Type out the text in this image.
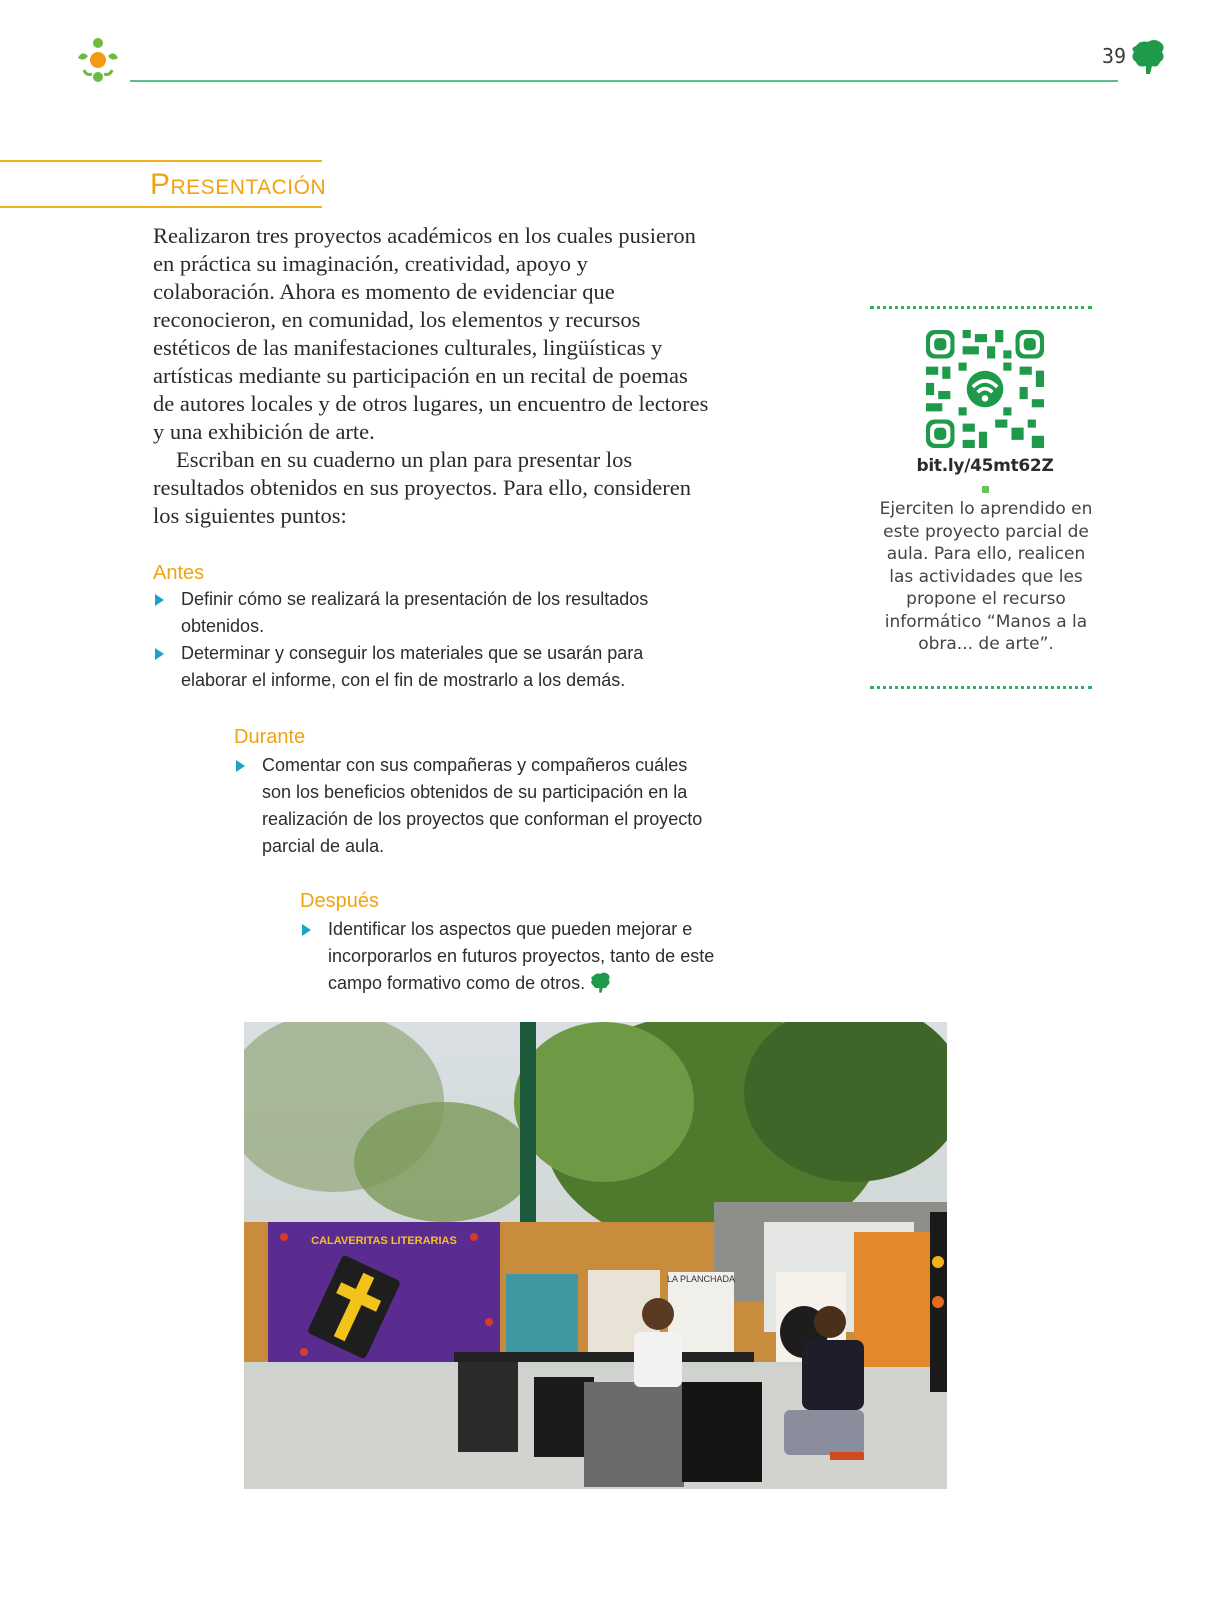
39
Presentación
Realizaron tres proyectos académicos en los cuales pusieron en práctica su imaginación, creatividad, apoyo y colaboración. Ahora es momento de evidenciar que reconocieron, en comunidad, los elementos y recursos estéticos de las manifestaciones culturales, lingüísticas y artísticas mediante su participación en un recital de poemas de autores locales y de otros lugares, un encuentro de lectores y una exhibición de arte.
Escriban en su cuaderno un plan para presentar los resultados obtenidos en sus proyectos. Para ello, consideren los siguientes puntos:
Antes
Definir cómo se realizará la presentación de los resultados obtenidos.
Determinar y conseguir los materiales que se usarán para elaborar el informe, con el fin de mostrarlo a los demás.
Durante
Comentar con sus compañeras y compañeros cuáles son los beneficios obtenidos de su participación en la realización de los proyectos que conforman el proyecto parcial de aula.
Después
Identificar los aspectos que pueden mejorar e incorporarlos en futuros proyectos, tanto de este campo formativo como de otros.
bit.ly/45mt62Z
Ejerciten lo aprendido en este proyecto parcial de aula. Para ello, realicen las actividades que les propone el recurso informático “Manos a la obra... de arte”.
CALAVERITAS LITERARIAS
LA PLANCHADA
